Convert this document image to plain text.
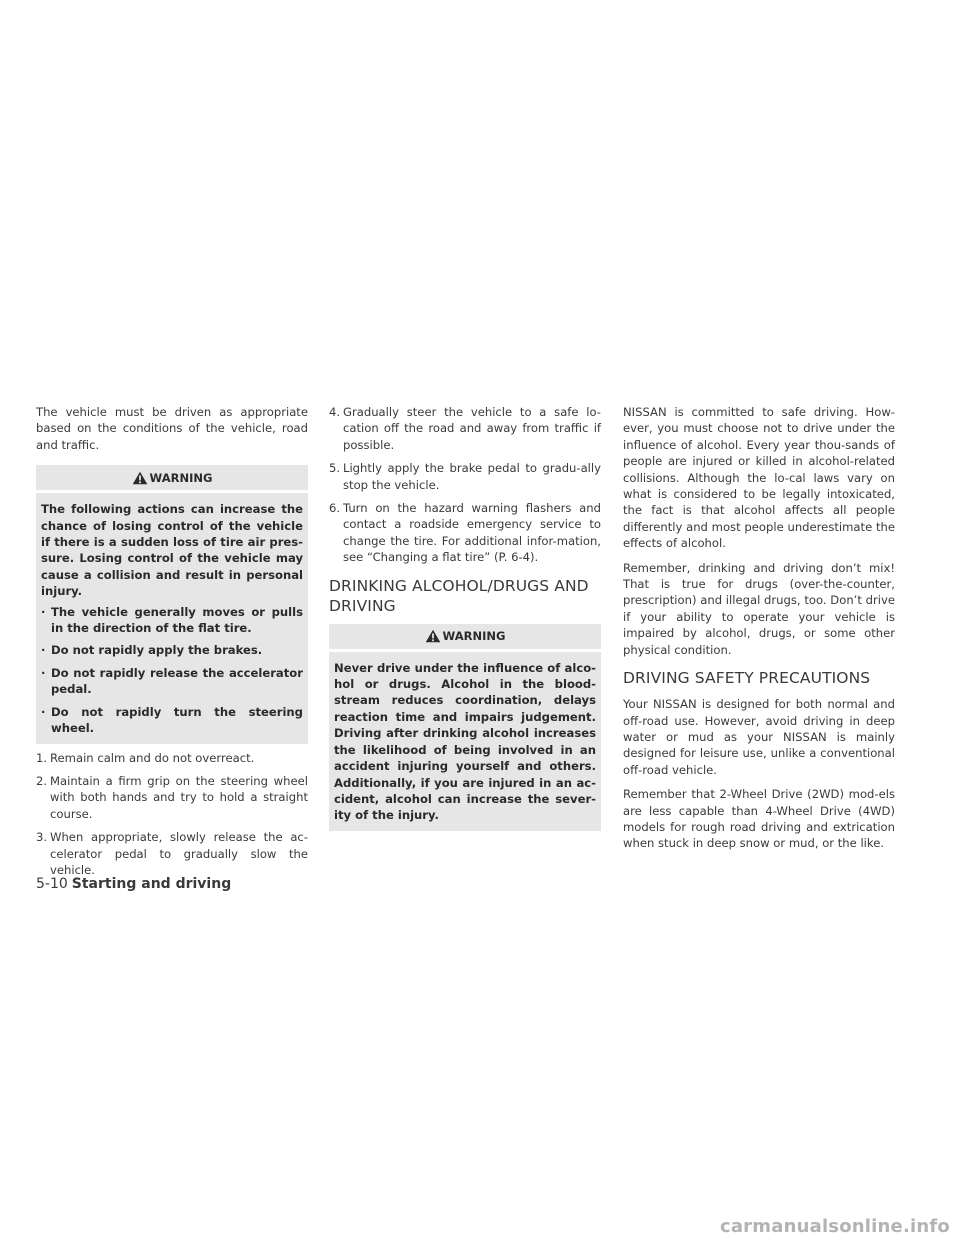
The vehicle must be driven as appropriate based on the conditions of the vehicle, road and traffic.

WARNING

The following actions can increase the chance of losing control of the vehicle if there is a sudden loss of tire air pres-sure. Losing control of the vehicle may cause a collision and result in personal injury.

· The vehicle generally moves or pulls in the direction of the flat tire.
· Do not rapidly apply the brakes.
· Do not rapidly release the accelerator pedal.
· Do not rapidly turn the steering wheel.
1. Remain calm and do not overreact.
2. Maintain a firm grip on the steering wheel with both hands and try to hold a straight course.
3. When appropriate, slowly release the ac-celerator pedal to gradually slow the vehicle.
4. Gradually steer the vehicle to a safe lo-cation off the road and away from traffic if possible.
5. Lightly apply the brake pedal to gradu-ally stop the vehicle.
6. Turn on the hazard warning flashers and contact a roadside emergency service to change the tire. For additional infor-mation, see “Changing a flat tire” (P. 6-4).
DRINKING ALCOHOL/DRUGS AND DRIVING
WARNING

Never drive under the influence of alco-hol or drugs. Alcohol in the blood-stream reduces coordination, delays reaction time and impairs judgement. Driving after drinking alcohol increases the likelihood of being involved in an accident injuring yourself and others. Additionally, if you are injured in an ac-cident, alcohol can increase the sever-ity of the injury.

NISSAN is committed to safe driving. How-ever, you must choose not to drive under the influence of alcohol. Every year thou-sands of people are injured or killed in alcohol-related collisions. Although the lo-cal laws vary on what is considered to be legally intoxicated, the fact is that alcohol affects all people differently and most people underestimate the effects of alcohol.

Remember, drinking and driving don’t mix! That is true for drugs (over-the-counter, prescription) and illegal drugs, too. Don’t drive if your ability to operate your vehicle is impaired by alcohol, drugs, or some other physical condition.

DRIVING SAFETY PRECAUTIONS

Your NISSAN is designed for both normal and off-road use. However, avoid driving in deep water or mud as your NISSAN is mainly designed for leisure use, unlike a conventional off-road vehicle.

Remember that 2-Wheel Drive (2WD) mod-els are less capable than 4-Wheel Drive (4WD) models for rough road driving and extrication when stuck in deep snow or mud, or the like.

5-10 Starting and driving
carmanualsonline.info
